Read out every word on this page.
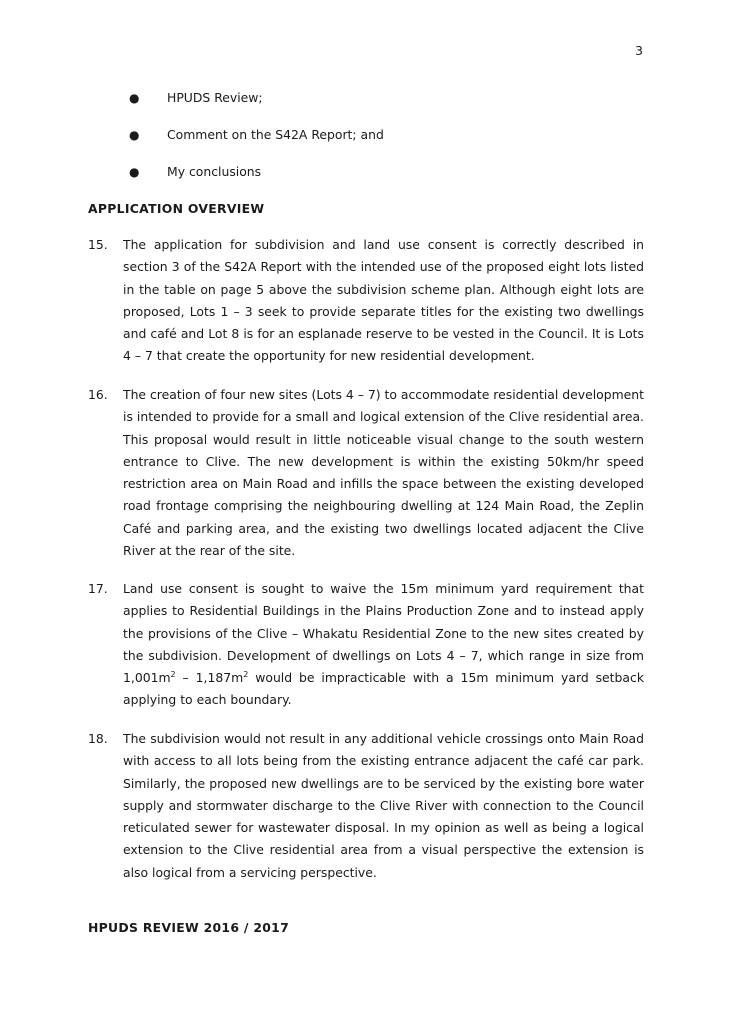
3
● HPUDS Review;
● Comment on the S42A Report; and
● My conclusions
APPLICATION OVERVIEW
15.	The application for subdivision and land use consent is correctly described in section 3 of the S42A Report with the intended use of the proposed eight lots listed in the table on page 5 above the subdivision scheme plan. Although eight lots are proposed, Lots 1 – 3 seek to provide separate titles for the existing two dwellings and café and Lot 8 is for an esplanade reserve to be vested in the Council. It is Lots 4 – 7 that create the opportunity for new residential development.
16.	The creation of four new sites (Lots 4 – 7) to accommodate residential development is intended to provide for a small and logical extension of the Clive residential area. This proposal would result in little noticeable visual change to the south western entrance to Clive. The new development is within the existing 50km/hr speed restriction area on Main Road and infills the space between the existing developed road frontage comprising the neighbouring dwelling at 124 Main Road, the Zeplin Café and parking area, and the existing two dwellings located adjacent the Clive River at the rear of the site.
17.	Land use consent is sought to waive the 15m minimum yard requirement that applies to Residential Buildings in the Plains Production Zone and to instead apply the provisions of the Clive – Whakatu Residential Zone to the new sites created by the subdivision. Development of dwellings on Lots 4 – 7, which range in size from $1,001m^2 - 1,187m^2$ would be impracticable with a 15m minimum yard setback applying to each boundary.
18.	The subdivision would not result in any additional vehicle crossings onto Main Road with access to all lots being from the existing entrance adjacent the café car park. Similarly, the proposed new dwellings are to be serviced by the existing bore water supply and stormwater discharge to the Clive River with connection to the Council reticulated sewer for wastewater disposal. In my opinion as well as being a logical extension to the Clive residential area from a visual perspective the extension is also logical from a servicing perspective.
HPUDS REVIEW 2016 / 2017
